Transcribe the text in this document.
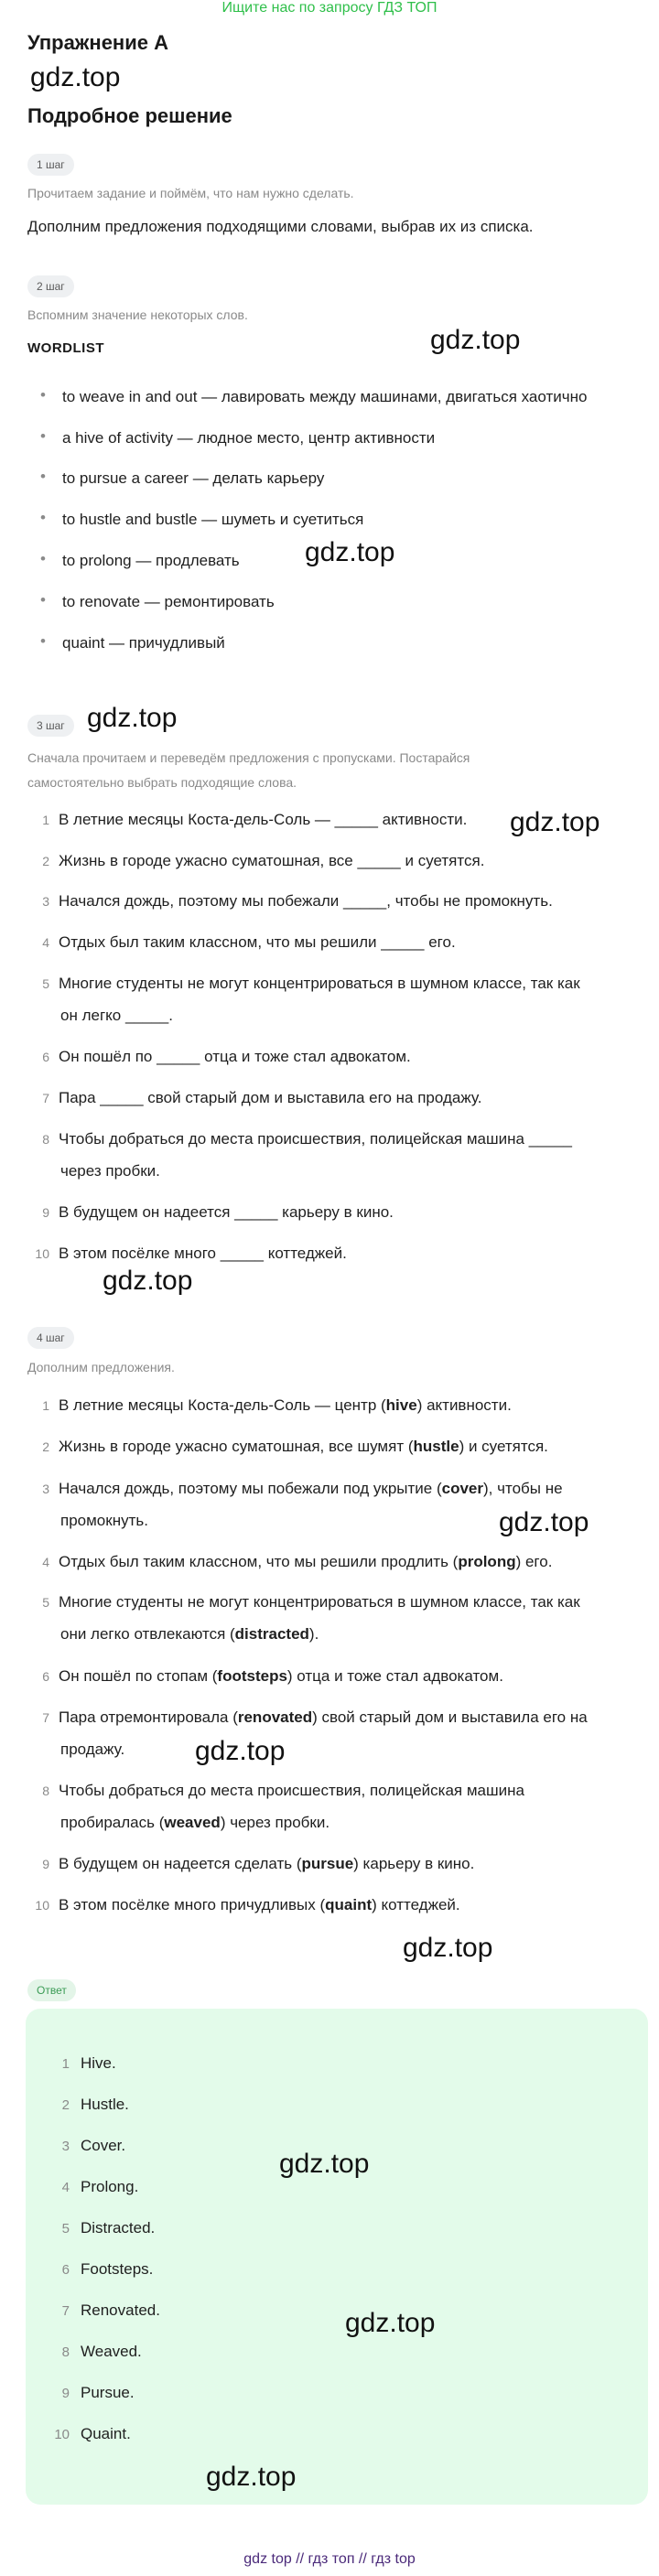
Ищите нас по запросу ГДЗ ТОП
Упражнение A
gdz.top
Подробное решение
1 шаг
Прочитаем задание и поймём, что нам нужно сделать.
Дополним предложения подходящими словами, выбрав их из списка.
2 шаг
Вспомним значение некоторых слов.
WORDLIST	gdz.top
• to weave in and out — лавировать между машинами, двигаться хаотично
• a hive of activity — людное место, центр активности
• to pursue a career — делать карьеру
• to hustle and bustle — шуметь и суетиться
• to prolong — продлевать
• to renovate — ремонтировать
• quaint — причудливый
gdz.top
3 шаг gdz.top
Сначала прочитаем и переведём предложения с пропусками. Постарайся
самостоятельно выбрать подходящие слова.
gdz.top
1 В летние месяцы Коста-дель-Соль — _____ активности.
2 Жизнь в городе ужасно суматошная, все _____ и суетятся.
3 Начался дождь, поэтому мы побежали _____, чтобы не промокнуть.
4 Отдых был таким классном, что мы решили _____ его.
5 Многие студенты не могут концентрироваться в шумном классе, так как
он легко _____.
6 Он пошёл по _____ отца и тоже стал адвокатом.
7 Пара _____ свой старый дом и выставила его на продажу.
8 Чтобы добраться до места происшествия, полицейская машина _____
через пробки.
9 В будущем он надеется _____ карьеру в кино.
10 В этом посёлке много _____ коттеджей.
gdz.top
4 шаг
Дополним предложения.
1 В летние месяцы Коста-дель-Соль — центр (hive) активности.
2 Жизнь в городе ужасно суматошная, все шумят (hustle) и суетятся.
3 Начался дождь, поэтому мы побежали под укрытие (cover), чтобы не
промокнуть.
4 Отдых был таким классном, что мы решили продлить (prolong) его.
5 Многие студенты не могут концентрироваться в шумном классе, так как
они легко отвлекаются (distracted).
6 Он пошёл по стопам (footsteps) отца и тоже стал адвокатом.
7 Пара отремонтировала (renovated) свой старый дом и выставила его на
продажу.
8 Чтобы добраться до места происшествия, полицейская машина
пробиралась (weaved) через пробки.
9 В будущем он надеется сделать (pursue) карьеру в кино.
10 В этом посёлке много причудливых (quaint) коттеджей.
gdz.top
gdz.top
gdz.top
Ответ
1 Hive.
2 Hustle.
3 Cover.
4 Prolong.
5 Distracted.
6 Footsteps.
7 Renovated.
8 Weaved.
9 Pursue.
10 Quaint.
gdz.top
gdz.top
gdz.top
gdz top // гдз топ // гдз top
